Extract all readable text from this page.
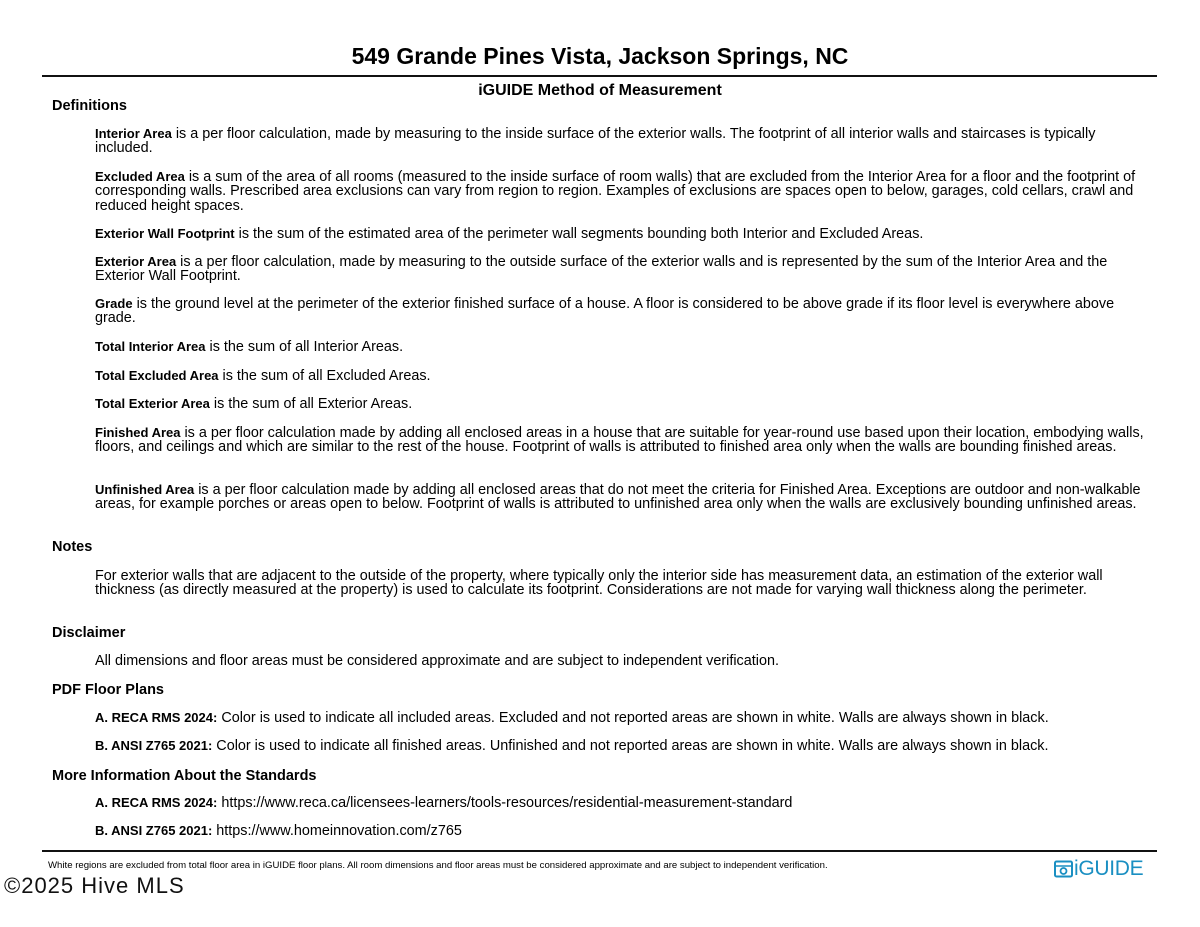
549 Grande Pines Vista, Jackson Springs, NC
iGUIDE Method of Measurement
Definitions
Interior Area is a per floor calculation, made by measuring to the inside surface of the exterior walls. The footprint of all interior walls and staircases is typically included.
Excluded Area is a sum of the area of all rooms (measured to the inside surface of room walls) that are excluded from the Interior Area for a floor and the footprint of corresponding walls. Prescribed area exclusions can vary from region to region. Examples of exclusions are spaces open to below, garages, cold cellars, crawl and reduced height spaces.
Exterior Wall Footprint is the sum of the estimated area of the perimeter wall segments bounding both Interior and Excluded Areas.
Exterior Area is a per floor calculation, made by measuring to the outside surface of the exterior walls and is represented by the sum of the Interior Area and the Exterior Wall Footprint.
Grade is the ground level at the perimeter of the exterior finished surface of a house. A floor is considered to be above grade if its floor level is everywhere above grade.
Total Interior Area is the sum of all Interior Areas.
Total Excluded Area is the sum of all Excluded Areas.
Total Exterior Area is the sum of all Exterior Areas.
Finished Area is a per floor calculation made by adding all enclosed areas in a house that are suitable for year-round use based upon their location, embodying walls, floors, and ceilings and which are similar to the rest of the house. Footprint of walls is attributed to finished area only when the walls are bounding finished areas.
Unfinished Area is a per floor calculation made by adding all enclosed areas that do not meet the criteria for Finished Area. Exceptions are outdoor and non-walkable areas, for example porches or areas open to below. Footprint of walls is attributed to unfinished area only when the walls are exclusively bounding unfinished areas.
Notes
For exterior walls that are adjacent to the outside of the property, where typically only the interior side has measurement data, an estimation of the exterior wall thickness (as directly measured at the property) is used to calculate its footprint. Considerations are not made for varying wall thickness along the perimeter.
Disclaimer
All dimensions and floor areas must be considered approximate and are subject to independent verification.
PDF Floor Plans
A. RECA RMS 2024: Color is used to indicate all included areas. Excluded and not reported areas are shown in white. Walls are always shown in black.
B. ANSI Z765 2021: Color is used to indicate all finished areas. Unfinished and not reported areas are shown in white. Walls are always shown in black.
More Information About the Standards
A. RECA RMS 2024: https://www.reca.ca/licensees-learners/tools-resources/residential-measurement-standard
B. ANSI Z765 2021: https://www.homeinnovation.com/z765
White regions are excluded from total floor area in iGUIDE floor plans. All room dimensions and floor areas must be considered approximate and are subject to independent verification.	iGUIDE
©2025 Hive MLS
